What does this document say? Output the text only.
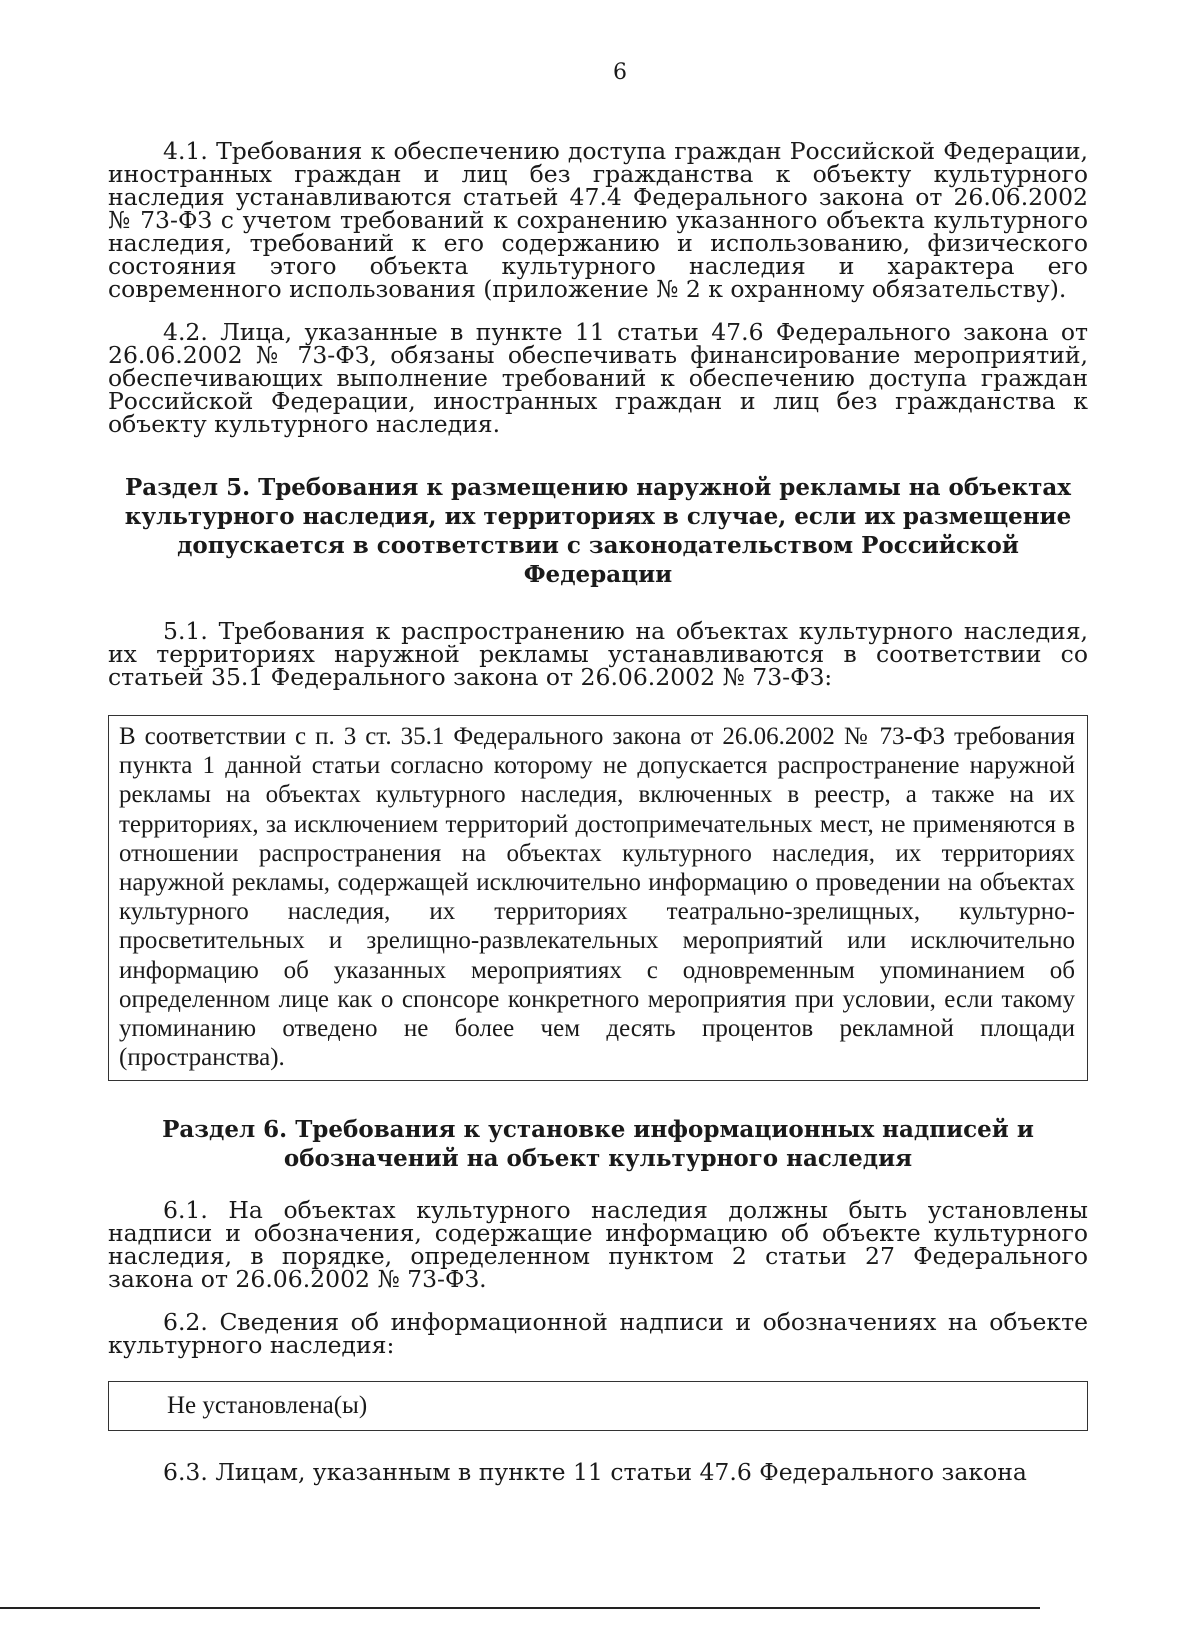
6

4.1. Требования к обеспечению доступа граждан Российской Федерации, иностранных граждан и лиц без гражданства к объекту культурного наследия устанавливаются статьей 47.4 Федерального закона от 26.06.2002 № 73-ФЗ с учетом требований к сохранению указанного объекта культурного наследия, требований к его содержанию и использованию, физического состояния этого объекта культурного наследия и характера его современного использования (приложение № 2 к охранному обязательству).

4.2. Лица, указанные в пункте 11 статьи 47.6 Федерального закона от 26.06.2002 № 73-ФЗ, обязаны обеспечивать финансирование мероприятий, обеспечивающих выполнение требований к обеспечению доступа граждан Российской Федерации, иностранных граждан и лиц без гражданства к объекту культурного наследия.

Раздел 5. Требования к размещению наружной рекламы на объектах культурного наследия, их территориях в случае, если их размещение допускается в соответствии с законодательством Российской Федерации

5.1. Требования к распространению на объектах культурного наследия, их территориях наружной рекламы устанавливаются в соответствии со статьей 35.1 Федерального закона от 26.06.2002 № 73-ФЗ:

В соответствии с п. 3 ст. 35.1 Федерального закона от 26.06.2002 № 73-ФЗ требования пункта 1 данной статьи согласно которому не допускается распространение наружной рекламы на объектах культурного наследия, включенных в реестр, а также на их территориях, за исключением территорий достопримечательных мест, не применяются в отношении распространения на объектах культурного наследия, их территориях наружной рекламы, содержащей исключительно информацию о проведении на объектах культурного наследия, их территориях театрально-зрелищных, культурно-просветительных и зрелищно-развлекательных мероприятий или исключительно информацию об указанных мероприятиях с одновременным упоминанием об определенном лице как о спонсоре конкретного мероприятия при условии, если такому упоминанию отведено не более чем десять процентов рекламной площади (пространства).

Раздел 6. Требования к установке информационных надписей и обозначений на объект культурного наследия

6.1. На объектах культурного наследия должны быть установлены надписи и обозначения, содержащие информацию об объекте культурного наследия, в порядке, определенном пунктом 2 статьи 27 Федерального закона от 26.06.2002 № 73-ФЗ.

6.2. Сведения об информационной надписи и обозначениях на объекте культурного наследия:

Не установлена(ы)

6.3. Лицам, указанным в пункте 11 статьи 47.6 Федерального закона
